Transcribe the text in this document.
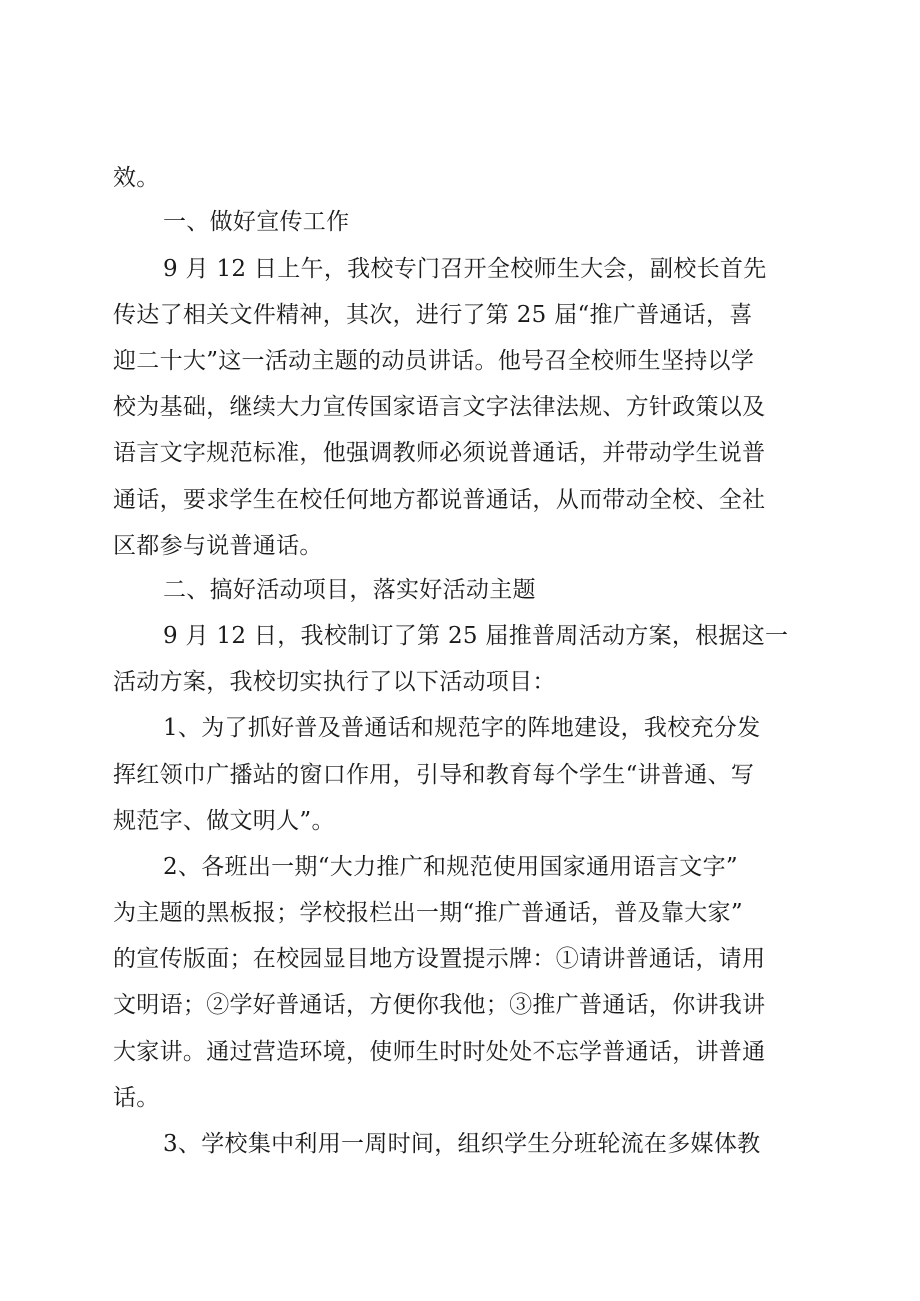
效。
一、做好宣传工作
9 月 12 日上午，我校专门召开全校师生大会，副校长首先
传达了相关文件精神，其次，进行了第 25 届“推广普通话，喜
迎二十大”这一活动主题的动员讲话。他号召全校师生坚持以学
校为基础，继续大力宣传国家语言文字法律法规、方针政策以及
语言文字规范标准，他强调教师必须说普通话，并带动学生说普
通话，要求学生在校任何地方都说普通话，从而带动全校、全社
区都参与说普通话。
二、搞好活动项目，落实好活动主题
9 月 12 日，我校制订了第 25 届推普周活动方案，根据这一
活动方案，我校切实执行了以下活动项目：
1、为了抓好普及普通话和规范字的阵地建设，我校充分发
挥红领巾广播站的窗口作用，引导和教育每个学生“讲普通、写
规范字、做文明人”。
2、各班出一期“大力推广和规范使用国家通用语言文字”
为主题的黑板报；学校报栏出一期“推广普通话，普及靠大家”
的宣传版面；在校园显目地方设置提示牌：①请讲普通话，请用
文明语；②学好普通话，方便你我他；③推广普通话，你讲我讲
大家讲。通过营造环境，使师生时时处处不忘学普通话，讲普通
话。
3、学校集中利用一周时间，组织学生分班轮流在多媒体教
